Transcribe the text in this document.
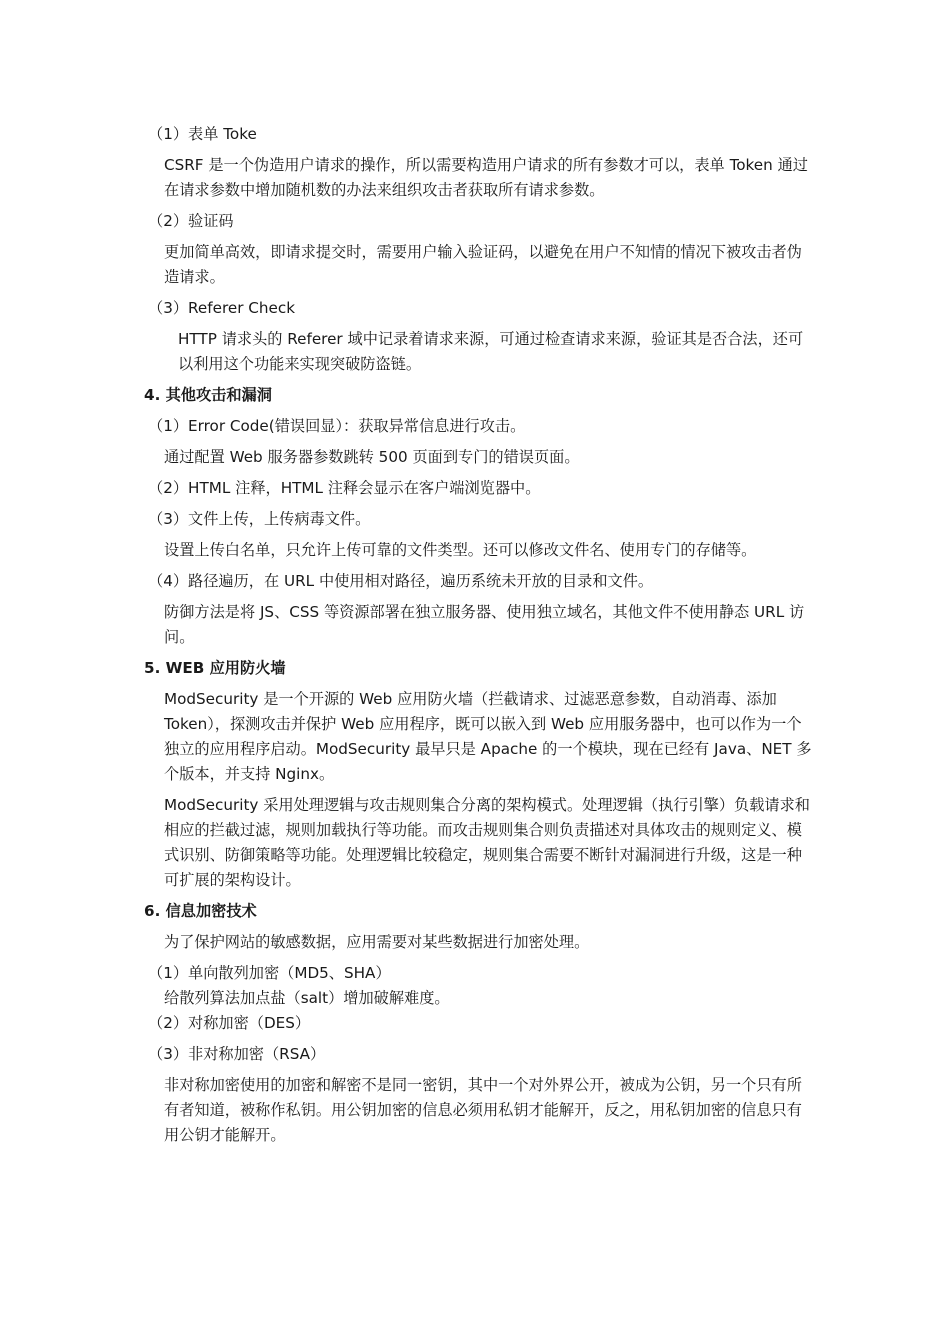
（1）表单 Toke
CSRF 是一个伪造用户请求的操作，所以需要构造用户请求的所有参数才可以，表单 Token 通过在请求参数中增加随机数的办法来组织攻击者获取所有请求参数。
（2）验证码
更加简单高效，即请求提交时，需要用户输入验证码，以避免在用户不知情的情况下被攻击者伪造请求。
（3）Referer Check
HTTP 请求头的 Referer 域中记录着请求来源，可通过检查请求来源，验证其是否合法，还可以利用这个功能来实现突破防盗链。
4. 其他攻击和漏洞
（1）Error Code(错误回显）：获取异常信息进行攻击。
通过配置 Web 服务器参数跳转 500 页面到专门的错误页面。
（2）HTML 注释，HTML 注释会显示在客户端浏览器中。
（3）文件上传，上传病毒文件。
设置上传白名单，只允许上传可靠的文件类型。还可以修改文件名、使用专门的存储等。
（4）路径遍历，在 URL 中使用相对路径，遍历系统未开放的目录和文件。
防御方法是将 JS、CSS 等资源部署在独立服务器、使用独立域名，其他文件不使用静态 URL 访问。
5. WEB 应用防火墙
ModSecurity 是一个开源的 Web 应用防火墙（拦截请求、过滤恶意参数，自动消毒、添加 Token），探测攻击并保护 Web 应用程序，既可以嵌入到 Web 应用服务器中，也可以作为一个独立的应用程序启动。ModSecurity 最早只是 Apache 的一个模块，现在已经有 Java、NET 多个版本，并支持 Nginx。
ModSecurity 采用处理逻辑与攻击规则集合分离的架构模式。处理逻辑（执行引擎）负载请求和相应的拦截过滤，规则加载执行等功能。而攻击规则集合则负责描述对具体攻击的规则定义、模式识别、防御策略等功能。处理逻辑比较稳定，规则集合需要不断针对漏洞进行升级，这是一种可扩展的架构设计。
6. 信息加密技术
为了保护网站的敏感数据，应用需要对某些数据进行加密处理。
（1）单向散列加密（MD5、SHA）
给散列算法加点盐（salt）增加破解难度。
（2）对称加密（DES）
（3）非对称加密（RSA）
非对称加密使用的加密和解密不是同一密钥，其中一个对外界公开，被成为公钥，另一个只有所有者知道，被称作私钥。用公钥加密的信息必须用私钥才能解开，反之，用私钥加密的信息只有用公钥才能解开。
